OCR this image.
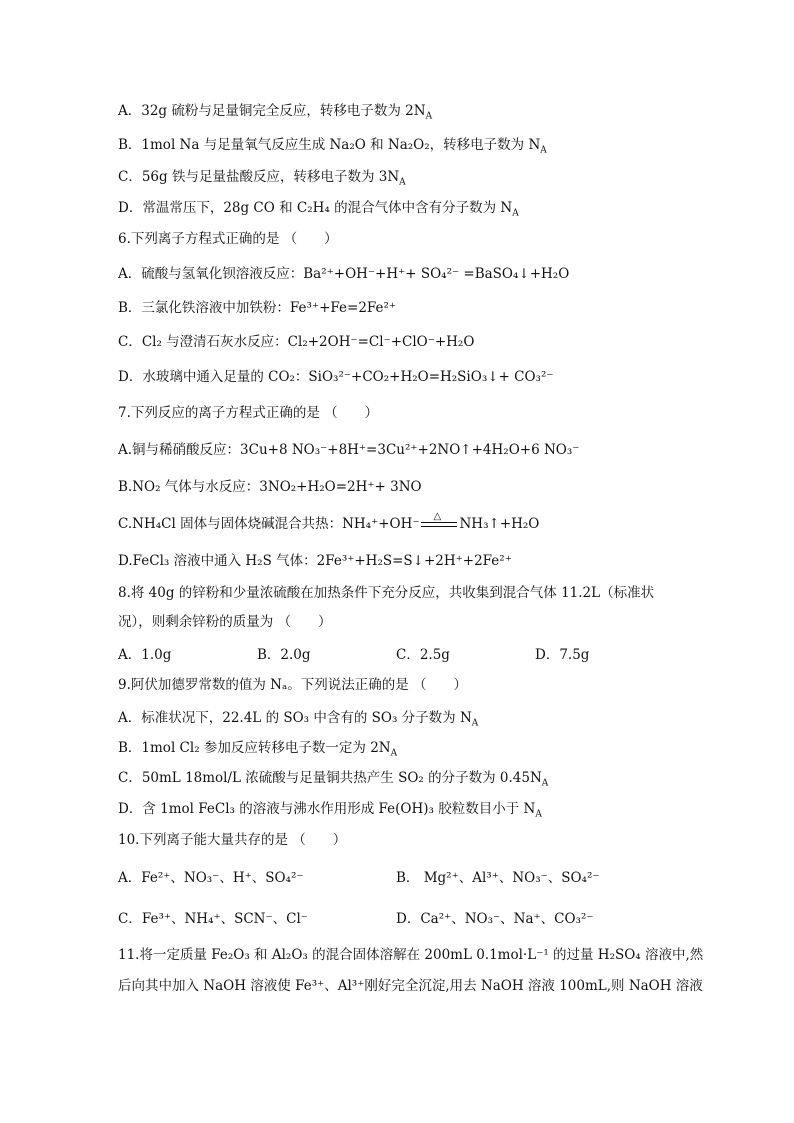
A．32g 硫粉与足量铜完全反应，转移电子数为 $2N_A$
B．1mol Na 与足量氧气反应生成 Na₂O 和 Na₂O₂，转移电子数为 $N_A$
C．56g 铁与足量盐酸反应，转移电子数为 $3N_A$
D．常温常压下，28g CO 和 C₂H₄ 的混合气体中含有分子数为 $N_A$
6.下列离子方程式正确的是 （　　）
A．硫酸与氢氧化钡溶液反应：Ba²⁺+OH⁻+H⁺+ SO₄²⁻ =BaSO₄↓+H₂O
B．三氯化铁溶液中加铁粉：Fe³⁺+Fe=2Fe²⁺
C．Cl₂ 与澄清石灰水反应：Cl₂+2OH⁻=Cl⁻+ClO⁻+H₂O
D．水玻璃中通入足量的 CO₂：SiO₃²⁻+CO₂+H₂O=H₂SiO₃↓+ CO₃²⁻
7.下列反应的离子方程式正确的是 （　　）
A.铜与稀硝酸反应：3Cu+8 NO₃⁻+8H⁺=3Cu²⁺+2NO↑+4H₂O+6 NO₃⁻
B.NO₂ 气体与水反应：3NO₂+H₂O=2H⁺+ 3NO
C.NH₄Cl 固体与固体烧碱混合共热：NH₄⁺+OH⁻ △ NH₃↑+H₂O
D.FeCl₃ 溶液中通入 H₂S 气体：2Fe³⁺+H₂S=S↓+2H⁺+2Fe²⁺
8.将 40g 的锌粉和少量浓硫酸在加热条件下充分反应，共收集到混合气体 11.2L（标准状
况），则剩余锌粉的质量为 （　　）
A．1.0g	B．2.0g	C．2.5g	D．7.5g
9.阿伏加德罗常数的值为 Nₐ。下列说法正确的是 （　　）
A．标准状况下，22.4L 的 SO₃ 中含有的 SO₃ 分子数为 $N_A$
B．1mol Cl₂ 参加反应转移电子数一定为 $2N_A$
C．50mL 18mol/L 浓硫酸与足量铜共热产生 SO₂ 的分子数为 $0.45N_A$
D．含 1mol FeCl₃ 的溶液与沸水作用形成 Fe(OH)₃ 胶粒数目小于 $N_A$
10.下列离子能大量共存的是 （　　）
A．Fe²⁺、NO₃⁻、H⁺、SO₄²⁻	B． Mg²⁺、Al³⁺、NO₃⁻、SO₄²⁻
C．Fe³⁺、NH₄⁺、SCN⁻、Cl⁻	D．Ca²⁺、NO₃⁻、Na⁺、CO₃²⁻
11.将一定质量 Fe₂O₃ 和 Al₂O₃ 的混合固体溶解在 200mL 0.1mol·L⁻¹ 的过量 H₂SO₄ 溶液中,然
后向其中加入 NaOH 溶液使 Fe³⁺、Al³⁺刚好完全沉淀,用去 NaOH 溶液 100mL,则 NaOH 溶液
